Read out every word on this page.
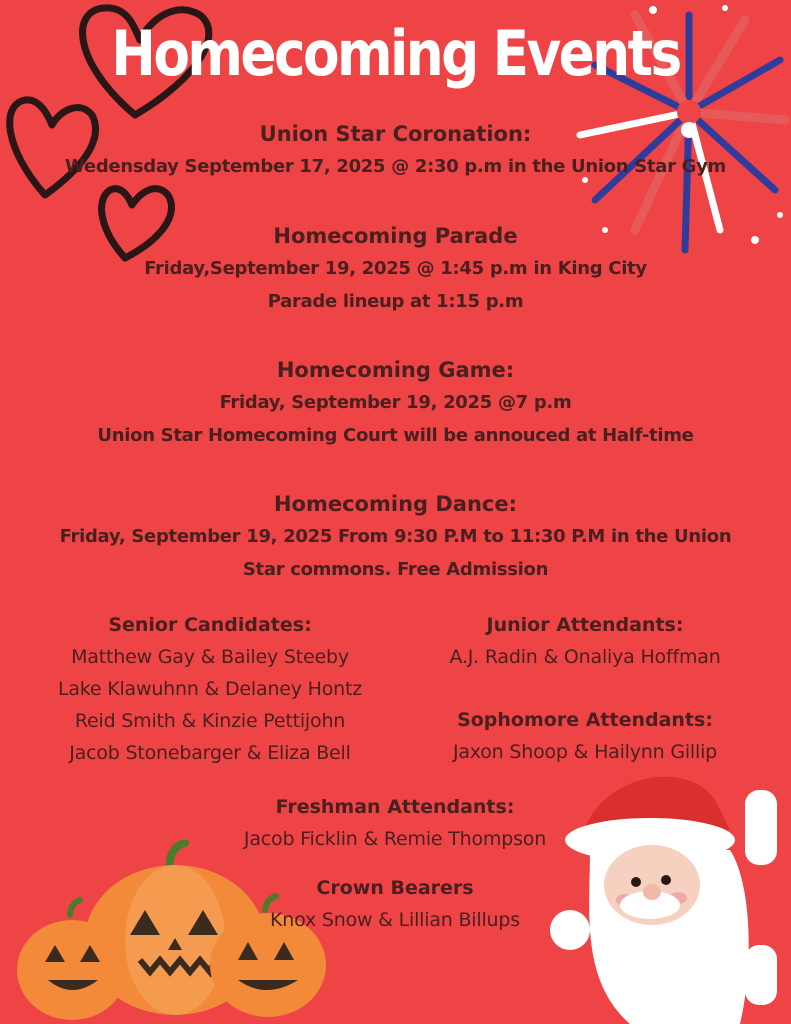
Homecoming Events
Union Star Coronation:
Wedensday September 17, 2025 @ 2:30 p.m in the Union Star Gym
Homecoming Parade
Friday,September 19, 2025 @ 1:45 p.m in King City
Parade lineup at 1:15 p.m
Homecoming Game:
Friday, September 19, 2025 @7 p.m
Union Star Homecoming Court will be annouced at Half-time
Homecoming Dance:
Friday, September 19, 2025 From 9:30 P.M to 11:30 P.M in the Union
Star commons. Free Admission
Senior Candidates:
Matthew Gay & Bailey Steeby
Lake Klawuhnn & Delaney Hontz
Reid Smith & Kinzie Pettijohn
Jacob Stonebarger & Eliza Bell
Junior Attendants:
A.J. Radin & Onaliya Hoffman
Sophomore Attendants:
Jaxon Shoop & Hailynn Gillip
Freshman Attendants:
Jacob Ficklin & Remie Thompson
Crown Bearers
Knox Snow & Lillian Billups
